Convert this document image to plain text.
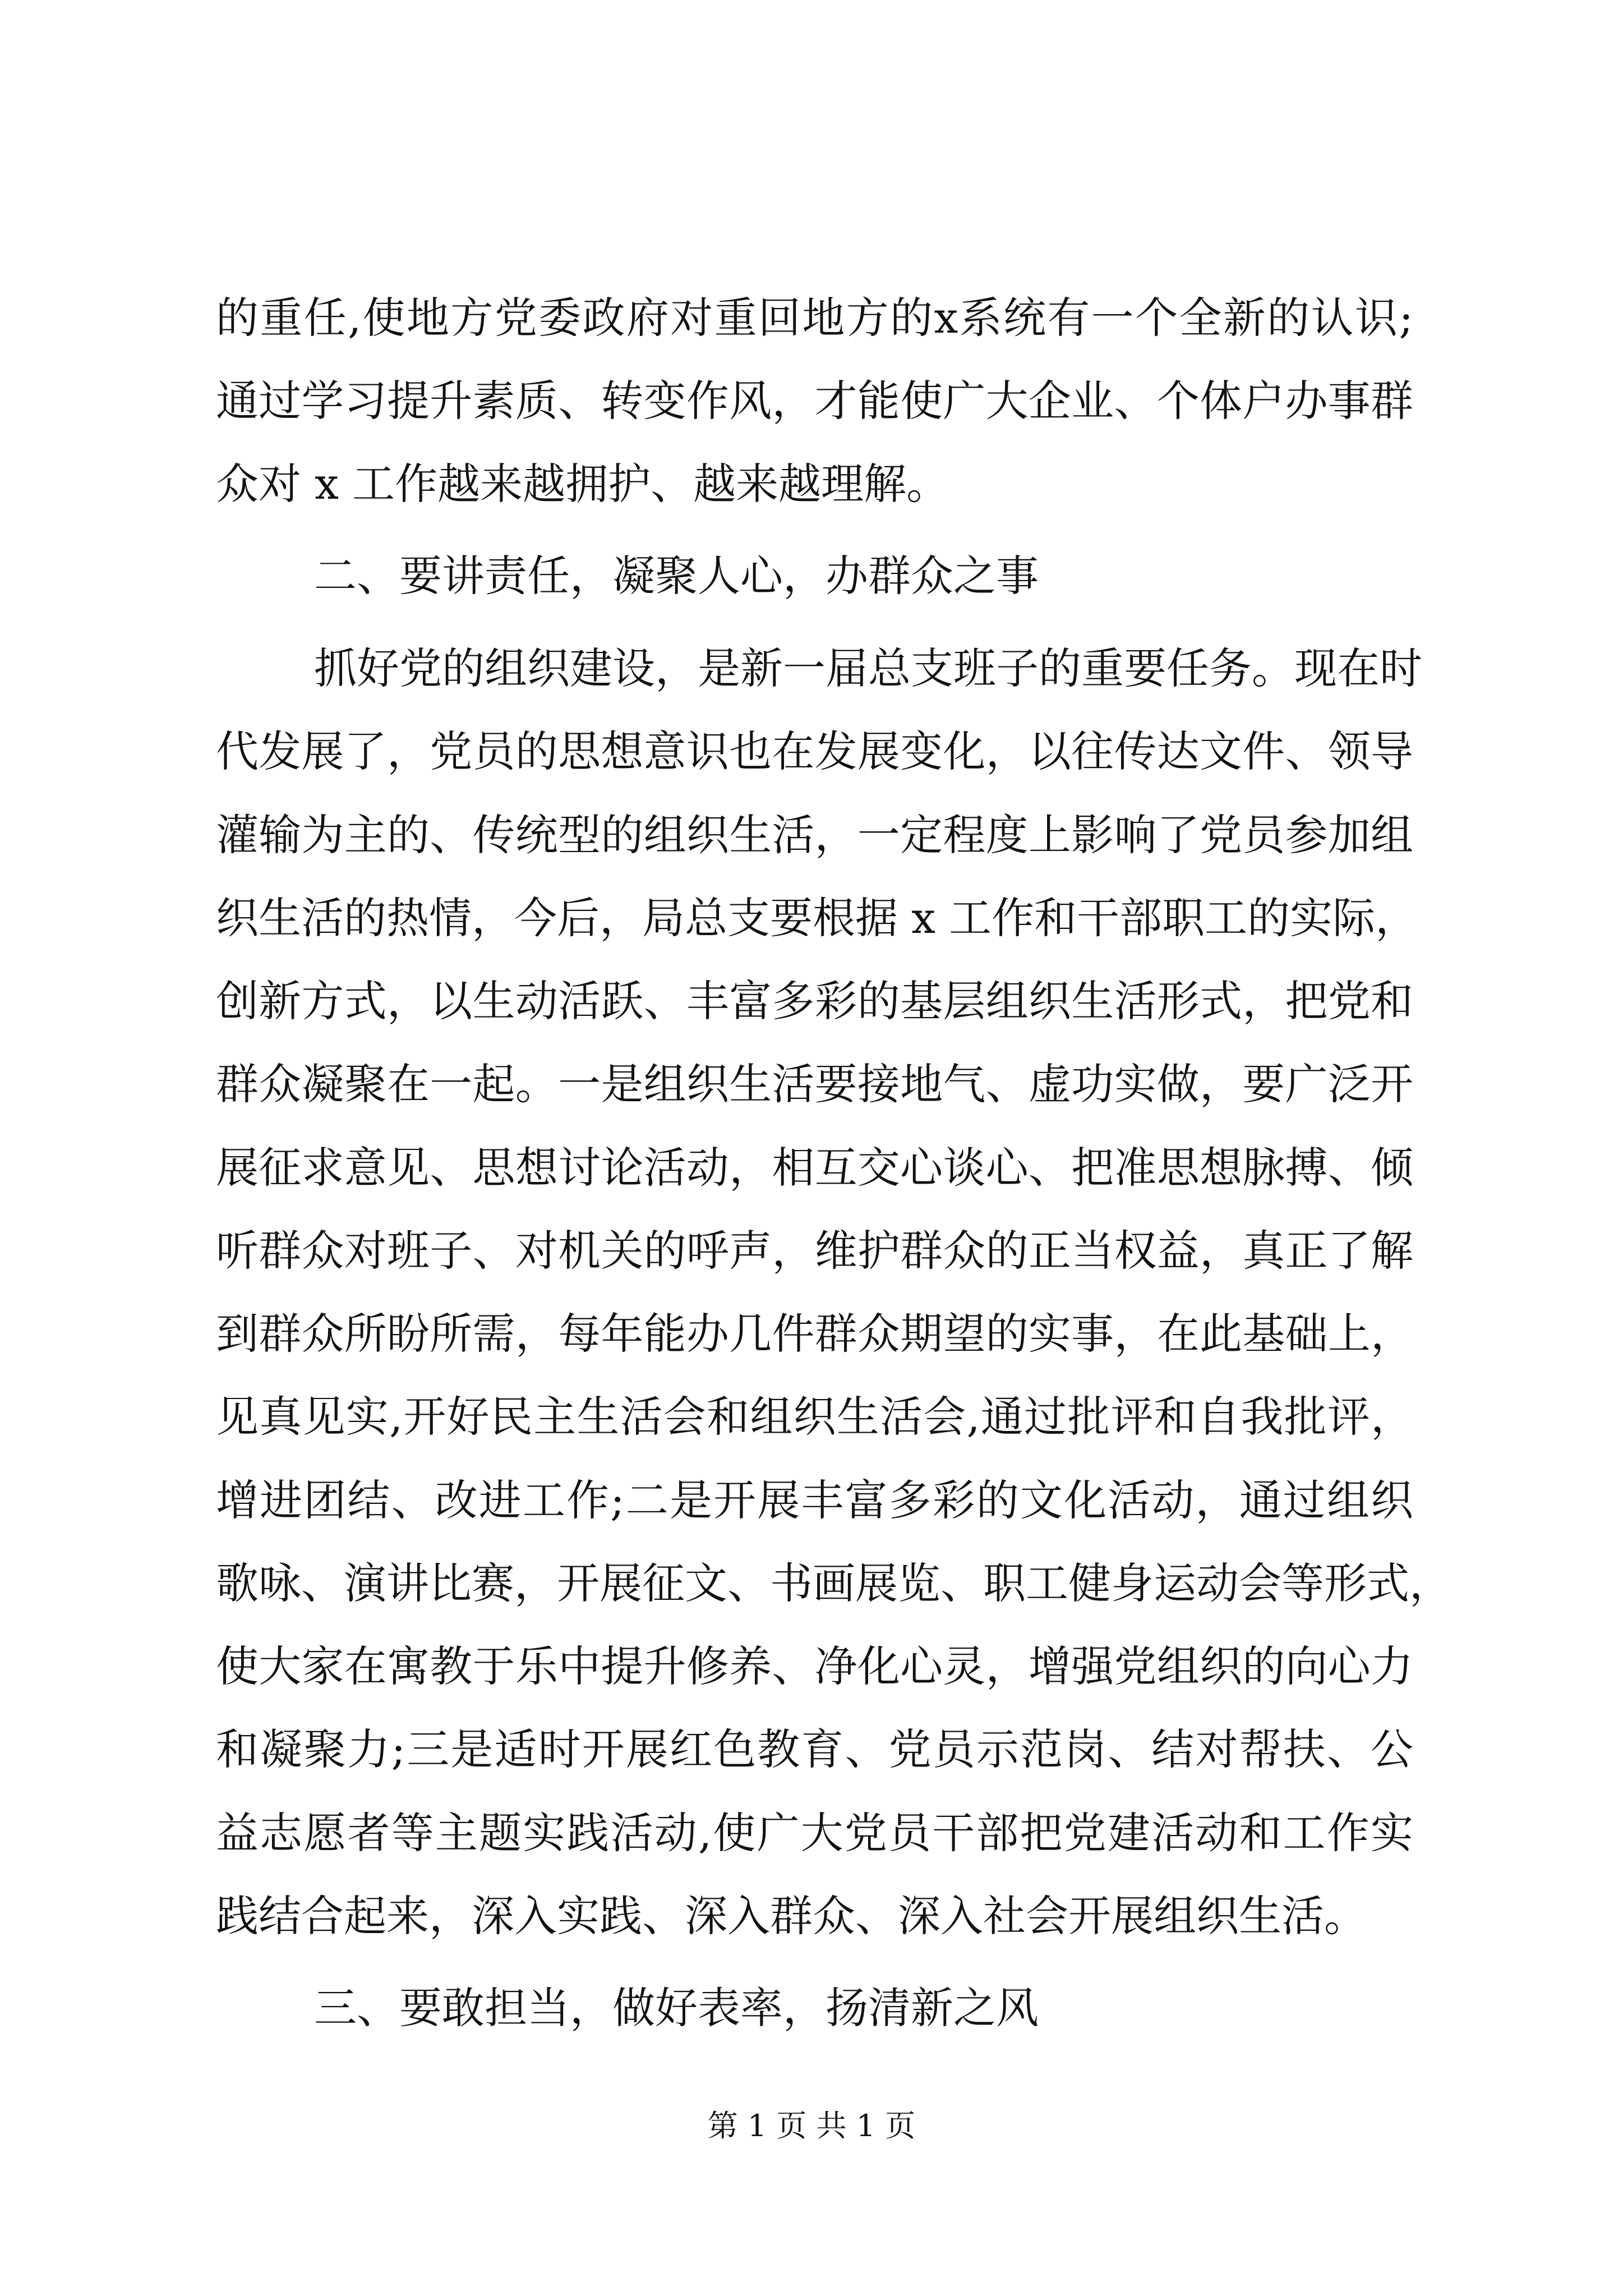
的重任,使地方党委政府对重回地方的x系统有一个全新的认识;
通过学习提升素质、转变作风，才能使广大企业、个体户办事群
众对 x 工作越来越拥护、越来越理解。
二、要讲责任，凝聚人心，办群众之事
抓好党的组织建设，是新一届总支班子的重要任务。现在时
代发展了，党员的思想意识也在发展变化，以往传达文件、领导
灌输为主的、传统型的组织生活，一定程度上影响了党员参加组
织生活的热情，今后，局总支要根据 x 工作和干部职工的实际，
创新方式，以生动活跃、丰富多彩的基层组织生活形式，把党和
群众凝聚在一起。一是组织生活要接地气、虚功实做，要广泛开
展征求意见、思想讨论活动，相互交心谈心、把准思想脉搏、倾
听群众对班子、对机关的呼声，维护群众的正当权益，真正了解
到群众所盼所需，每年能办几件群众期望的实事，在此基础上，
见真见实,开好民主生活会和组织生活会,通过批评和自我批评，
增进团结、改进工作;二是开展丰富多彩的文化活动，通过组织
歌咏、演讲比赛，开展征文、书画展览、职工健身运动会等形式，
使大家在寓教于乐中提升修养、净化心灵，增强党组织的向心力
和凝聚力;三是适时开展红色教育、党员示范岗、结对帮扶、公
益志愿者等主题实践活动,使广大党员干部把党建活动和工作实
践结合起来，深入实践、深入群众、深入社会开展组织生活。
三、要敢担当，做好表率，扬清新之风
第 1 页 共 1 页
